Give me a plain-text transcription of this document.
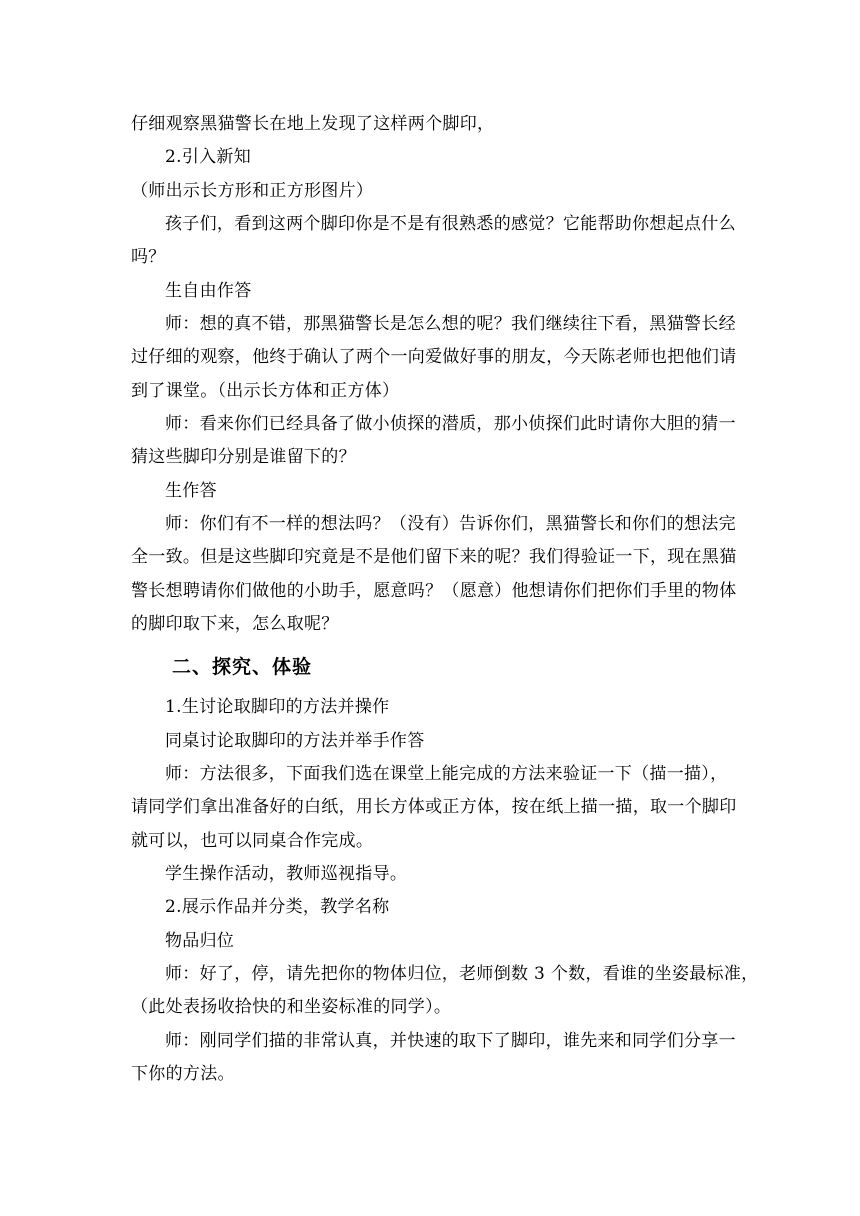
仔细观察黑猫警长在地上发现了这样两个脚印，
2.引入新知
（师出示长方形和正方形图片）
孩子们，看到这两个脚印你是不是有很熟悉的感觉？它能帮助你想起点什么
吗？
生自由作答
师：想的真不错，那黑猫警长是怎么想的呢？我们继续往下看，黑猫警长经
过仔细的观察，他终于确认了两个一向爱做好事的朋友，今天陈老师也把他们请
到了课堂。（出示长方体和正方体）
师：看来你们已经具备了做小侦探的潜质，那小侦探们此时请你大胆的猜一
猜这些脚印分别是谁留下的？
生作答
师：你们有不一样的想法吗？（没有）告诉你们，黑猫警长和你们的想法完
全一致。但是这些脚印究竟是不是他们留下来的呢？我们得验证一下，现在黑猫
警长想聘请你们做他的小助手，愿意吗？（愿意）他想请你们把你们手里的物体
的脚印取下来，怎么取呢？
二、探究、体验
1.生讨论取脚印的方法并操作
同桌讨论取脚印的方法并举手作答
师：方法很多，下面我们选在课堂上能完成的方法来验证一下（描一描），
请同学们拿出准备好的白纸，用长方体或正方体，按在纸上描一描，取一个脚印
就可以，也可以同桌合作完成。
学生操作活动，教师巡视指导。
2.展示作品并分类，教学名称
物品归位
师：好了，停，请先把你的物体归位，老师倒数 3 个数，看谁的坐姿最标准，
（此处表扬收拾快的和坐姿标准的同学）。
师：刚同学们描的非常认真，并快速的取下了脚印，谁先来和同学们分享一
下你的方法。
